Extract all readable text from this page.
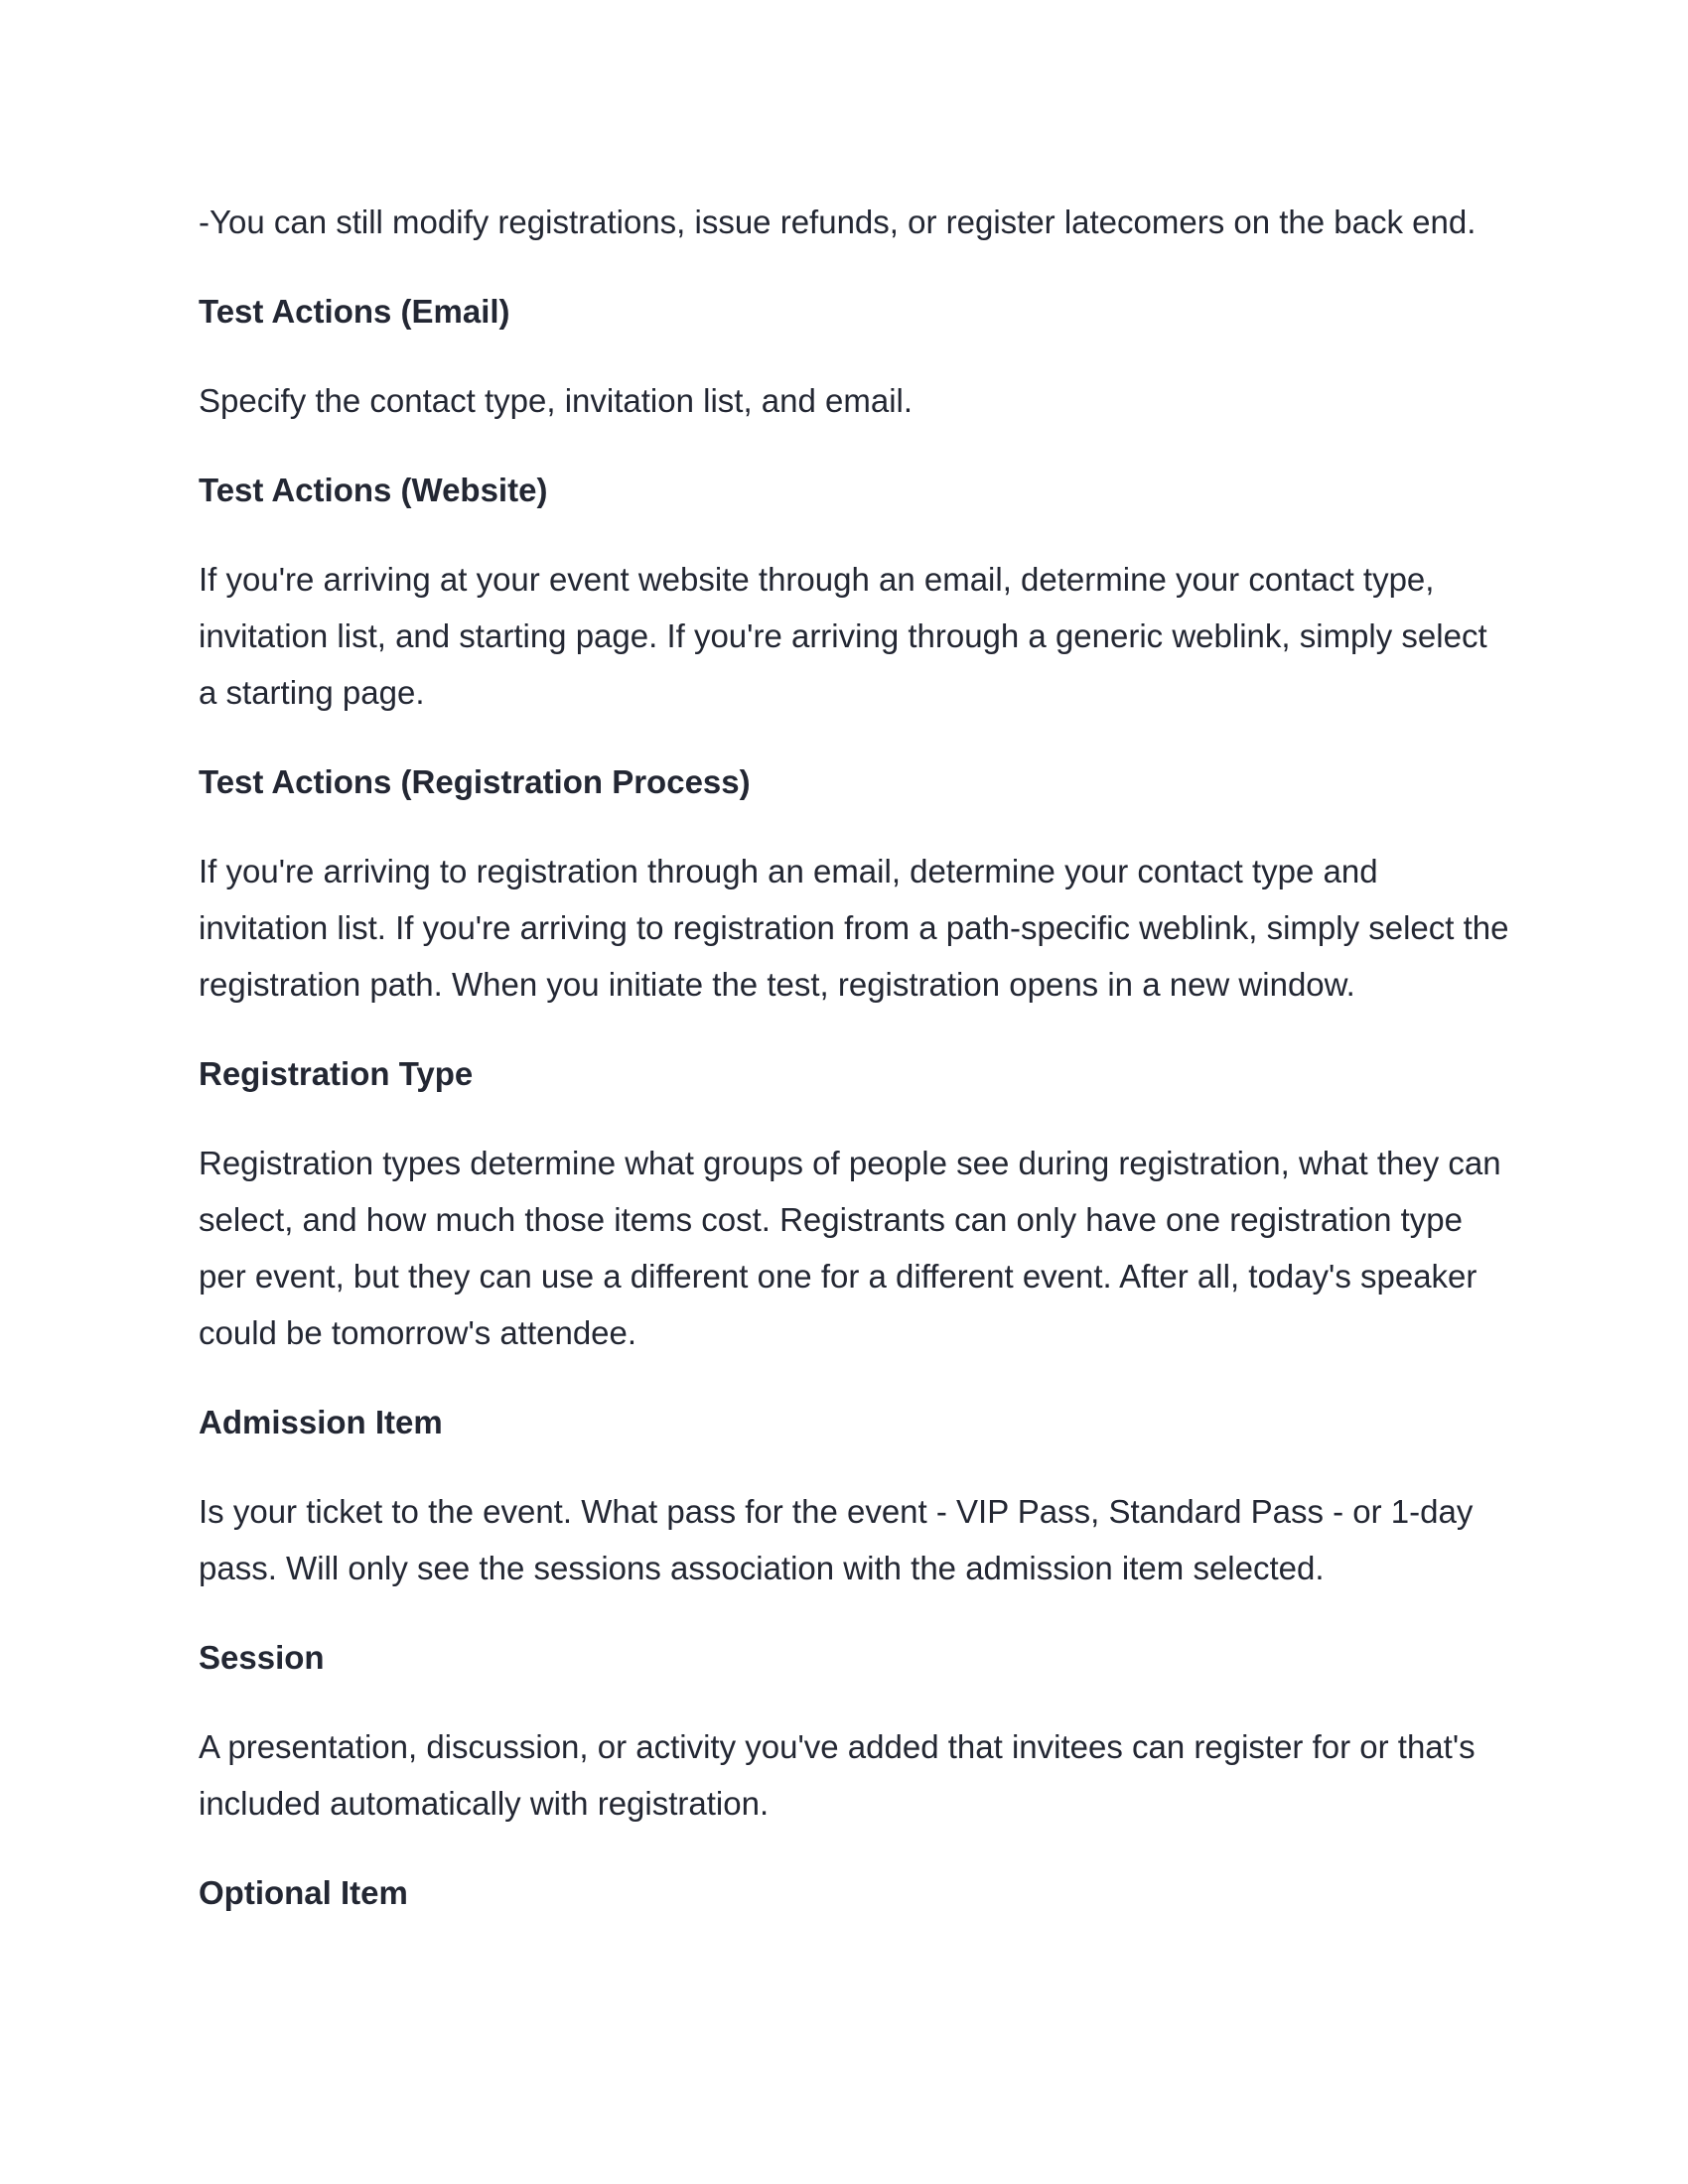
-You can still modify registrations, issue refunds, or register latecomers on the back end.

Test Actions (Email)

Specify the contact type, invitation list, and email.

Test Actions (Website)

If you're arriving at your event website through an email, determine your contact type, invitation list, and starting page. If you're arriving through a generic weblink, simply select a starting page.

Test Actions (Registration Process)

If you're arriving to registration through an email, determine your contact type and invitation list. If you're arriving to registration from a path-specific weblink, simply select the registration path. When you initiate the test, registration opens in a new window.

Registration Type

Registration types determine what groups of people see during registration, what they can select, and how much those items cost. Registrants can only have one registration type per event, but they can use a different one for a different event. After all, today's speaker could be tomorrow's attendee.

Admission Item

Is your ticket to the event. What pass for the event - VIP Pass, Standard Pass - or 1-day pass. Will only see the sessions association with the admission item selected.

Session

A presentation, discussion, or activity you've added that invitees can register for or that's included automatically with registration.

Optional Item
